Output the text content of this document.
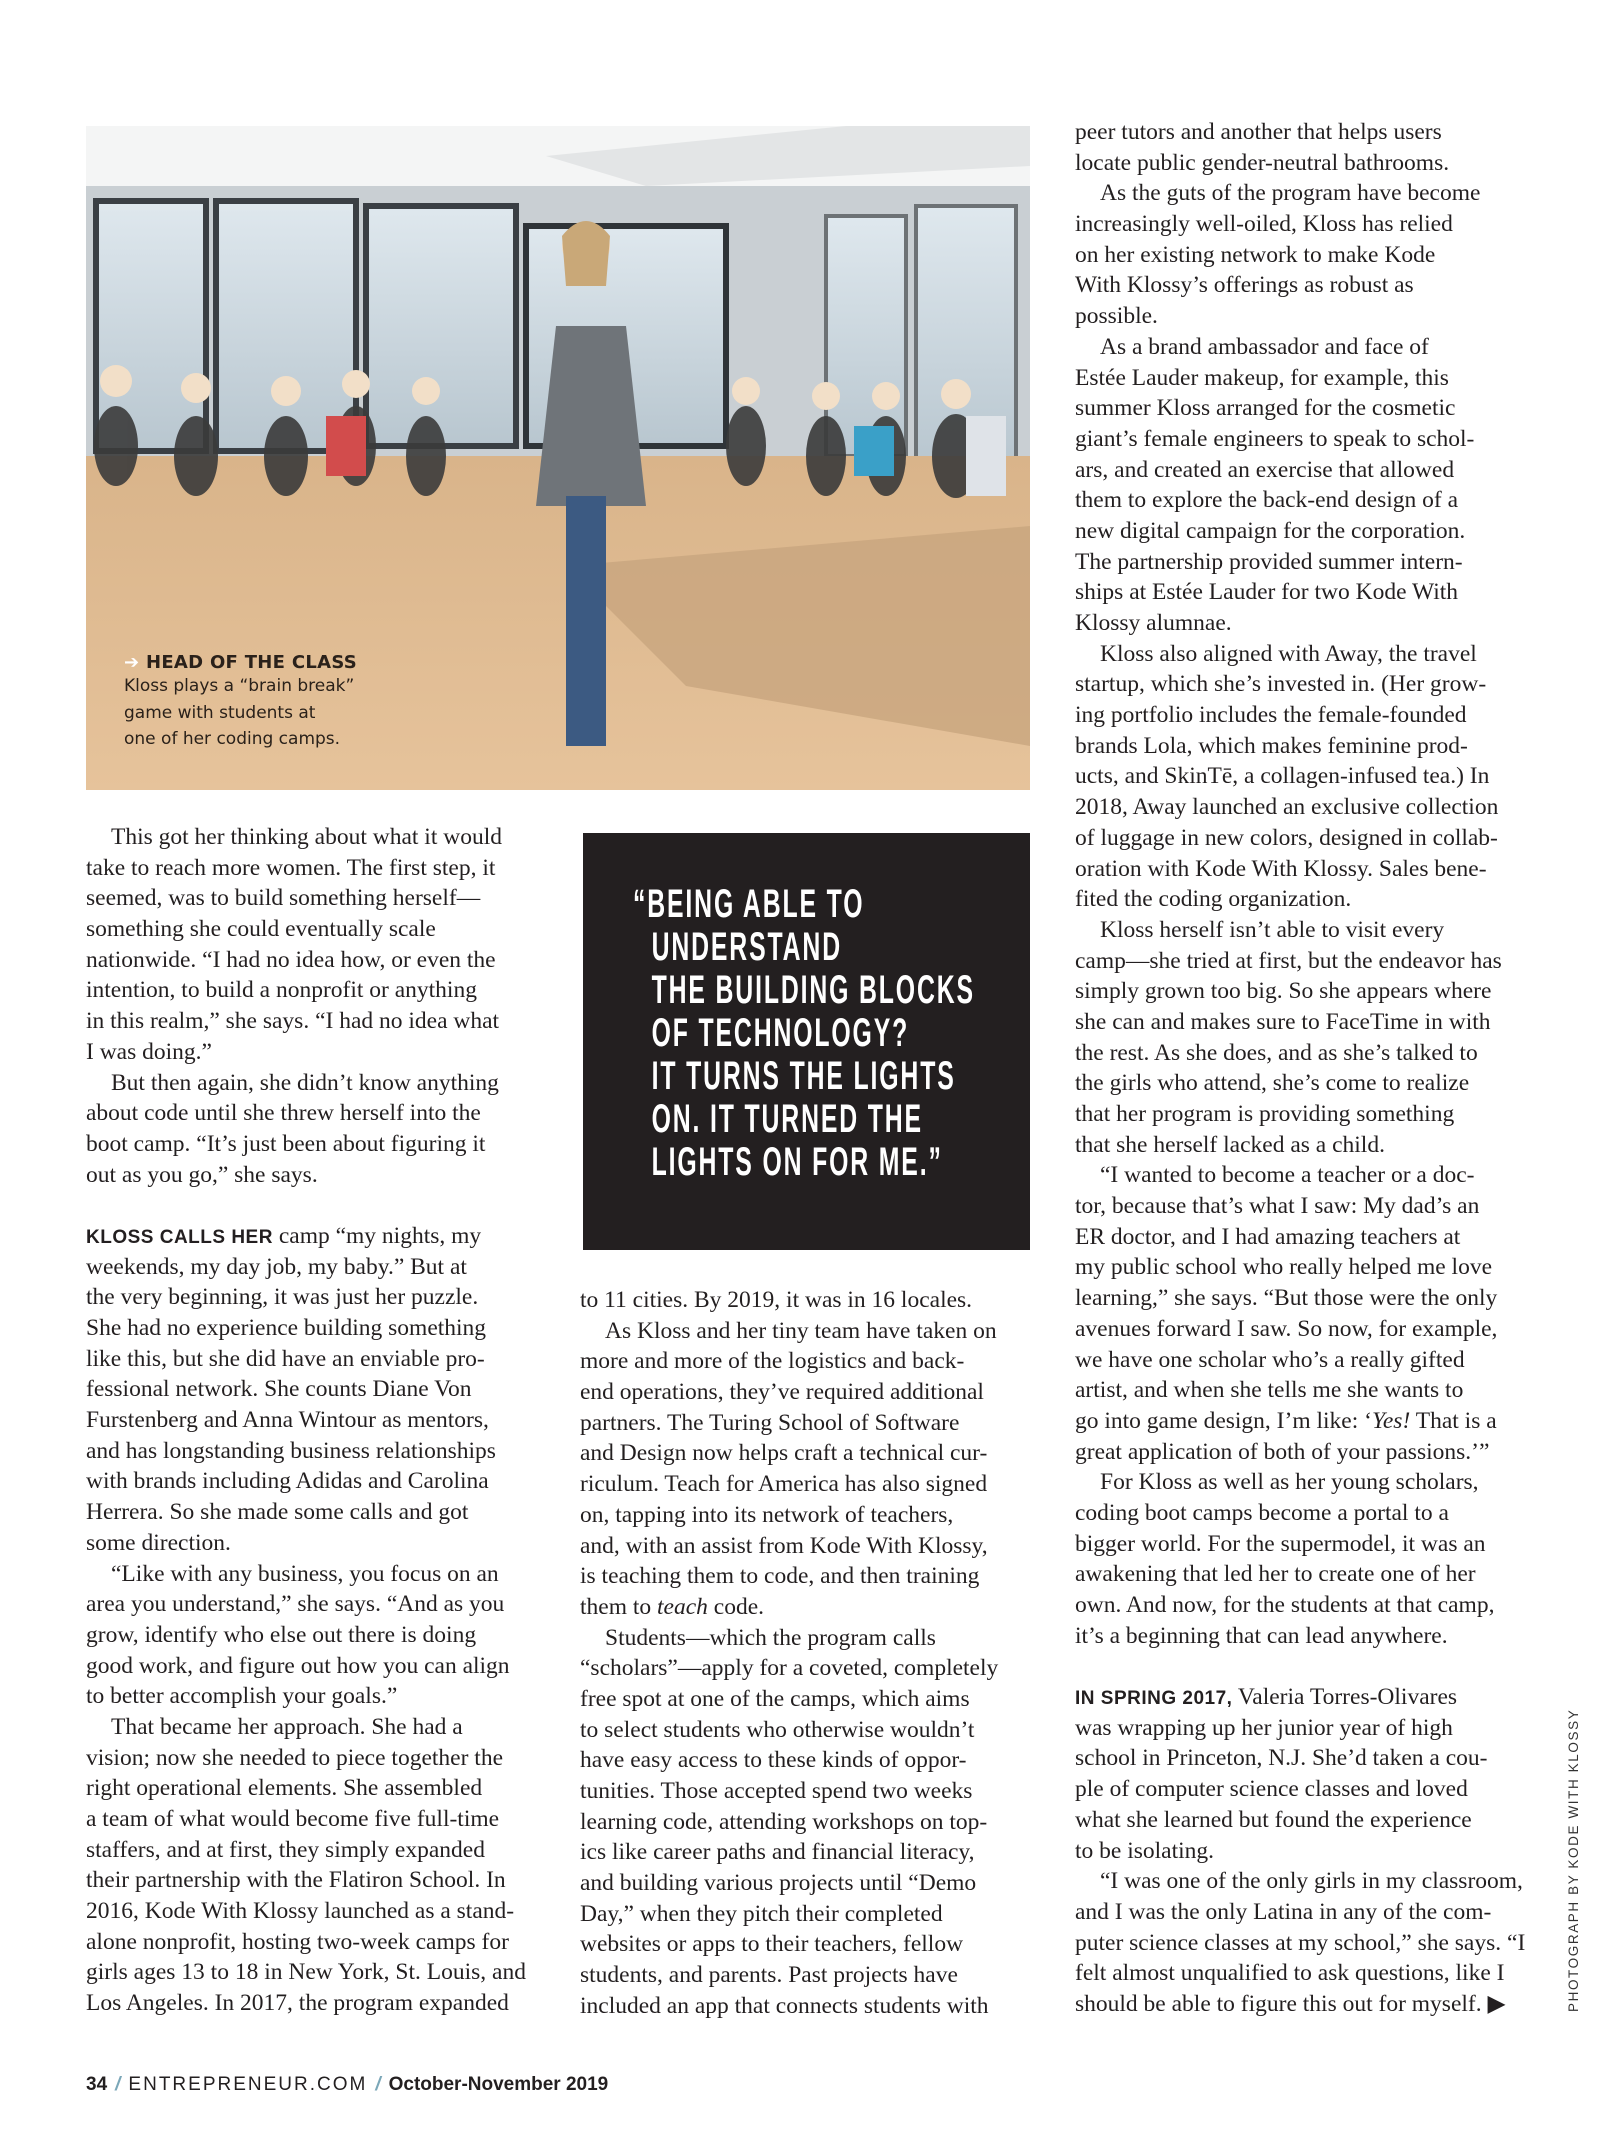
➔ HEAD OF THE CLASS
Kloss plays a “brain break”
game with students at
one of her coding camps.
“BEING ABLE TO
UNDERSTAND
THE BUILDING BLOCKS
OF TECHNOLOGY?
IT TURNS THE LIGHTS
ON. IT TURNED THE
LIGHTS ON FOR ME.”
This got her thinking about what it would
take to reach more women. The first step, it
seemed, was to build something herself—
something she could eventually scale
nationwide. “I had no idea how, or even the
intention, to build a nonprofit or anything
in this realm,” she says. “I had no idea what
I was doing.”
But then again, she didn’t know anything
about code until she threw herself into the
boot camp. “It’s just been about figuring it
out as you go,” she says.
KLOSS CALLS HER camp “my nights, my
weekends, my day job, my baby.” But at
the very beginning, it was just her puzzle.
She had no experience building something
like this, but she did have an enviable pro-
fessional network. She counts Diane Von
Furstenberg and Anna Wintour as mentors,
and has longstanding business relationships
with brands including Adidas and Carolina
Herrera. So she made some calls and got
some direction.
“Like with any business, you focus on an
area you understand,” she says. “And as you
grow, identify who else out there is doing
good work, and figure out how you can align
to better accomplish your goals.”
That became her approach. She had a
vision; now she needed to piece together the
right operational elements. She assembled
a team of what would become five full-time
staffers, and at first, they simply expanded
their partnership with the Flatiron School. In
2016, Kode With Klossy launched as a stand-
alone nonprofit, hosting two-week camps for
girls ages 13 to 18 in New York, St. Louis, and
Los Angeles. In 2017, the program expanded
to 11 cities. By 2019, it was in 16 locales.
As Kloss and her tiny team have taken on
more and more of the logistics and back-
end operations, they’ve required additional
partners. The Turing School of Software
and Design now helps craft a technical cur-
riculum. Teach for America has also signed
on, tapping into its network of teachers,
and, with an assist from Kode With Klossy,
is teaching them to code, and then training
them to teach code.
Students—which the program calls
“scholars”—apply for a coveted, completely
free spot at one of the camps, which aims
to select students who otherwise wouldn’t
have easy access to these kinds of oppor-
tunities. Those accepted spend two weeks
learning code, attending workshops on top-
ics like career paths and financial literacy,
and building various projects until “Demo
Day,” when they pitch their completed
websites or apps to their teachers, fellow
students, and parents. Past projects have
included an app that connects students with
peer tutors and another that helps users
locate public gender-neutral bathrooms.
As the guts of the program have become
increasingly well-oiled, Kloss has relied
on her existing network to make Kode
With Klossy’s offerings as robust as
possible.
As a brand ambassador and face of
Estée Lauder makeup, for example, this
summer Kloss arranged for the cosmetic
giant’s female engineers to speak to schol-
ars, and created an exercise that allowed
them to explore the back-end design of a
new digital campaign for the corporation.
The partnership provided summer intern-
ships at Estée Lauder for two Kode With
Klossy alumnae.
Kloss also aligned with Away, the travel
startup, which she’s invested in. (Her grow-
ing portfolio includes the female-founded
brands Lola, which makes feminine prod-
ucts, and SkinTē, a collagen-infused tea.) In
2018, Away launched an exclusive collection
of luggage in new colors, designed in collab-
oration with Kode With Klossy. Sales bene-
fited the coding organization.
Kloss herself isn’t able to visit every
camp—she tried at first, but the endeavor has
simply grown too big. So she appears where
she can and makes sure to FaceTime in with
the rest. As she does, and as she’s talked to
the girls who attend, she’s come to realize
that her program is providing something
that she herself lacked as a child.
“I wanted to become a teacher or a doc-
tor, because that’s what I saw: My dad’s an
ER doctor, and I had amazing teachers at
my public school who really helped me love
learning,” she says. “But those were the only
avenues forward I saw. So now, for example,
we have one scholar who’s a really gifted
artist, and when she tells me she wants to
go into game design, I’m like: ‘Yes! That is a
great application of both of your passions.’”
For Kloss as well as her young scholars,
coding boot camps become a portal to a
bigger world. For the supermodel, it was an
awakening that led her to create one of her
own. And now, for the students at that camp,
it’s a beginning that can lead anywhere.
IN SPRING 2017, Valeria Torres-Olivares
was wrapping up her junior year of high
school in Princeton, N.J. She’d taken a cou-
ple of computer science classes and loved
what she learned but found the experience
to be isolating.
“I was one of the only girls in my classroom,
and I was the only Latina in any of the com-
puter science classes at my school,” she says. “I
felt almost unqualified to ask questions, like I
should be able to figure this out for myself. ▶	PHOTOGRAPH BY KODE WITH KLOSSY
34 / ENTREPRENEUR.COM / October-November 2019
